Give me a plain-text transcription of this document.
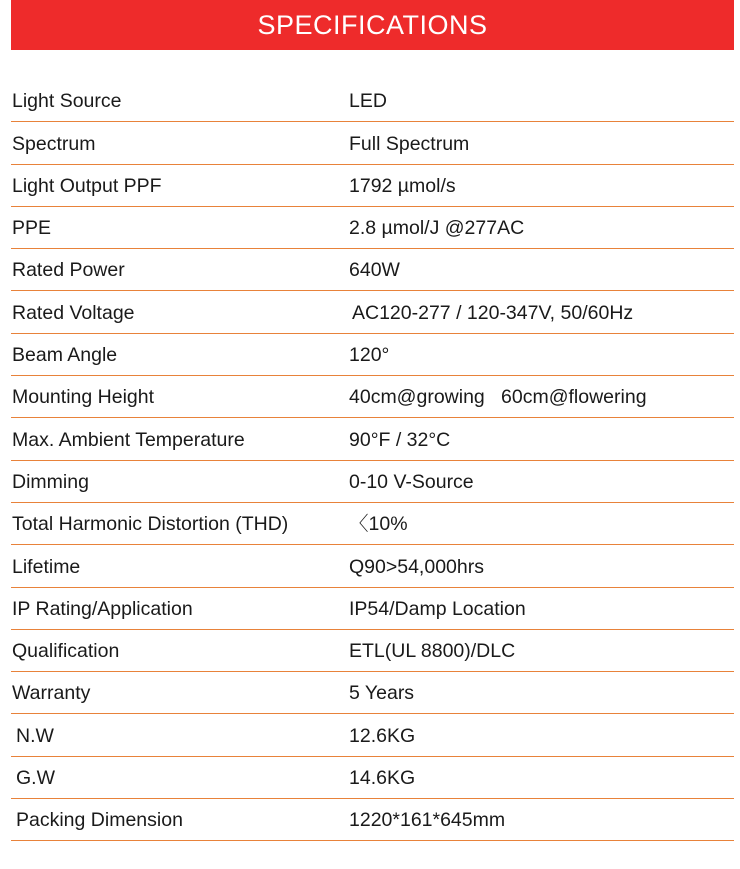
SPECIFICATIONS
Light Source	LED
Spectrum	Full Spectrum
Light Output PPF	1792 µmol/s
PPE	2.8 µmol/J @277AC
Rated Power	640W
Rated Voltage	AC120-277 / 120-347V, 50/60Hz
Beam Angle	120°
Mounting Height	40cm@growing   60cm@flowering
Max. Ambient Temperature	90°F / 32°C
Dimming	0-10 V-Source
Total Harmonic Distortion (THD)	〈10%
Lifetime	Q90>54,000hrs
IP Rating/Application	IP54/Damp Location
Qualification	ETL(UL 8800)/DLC
Warranty	5 Years
N.W	12.6KG
G.W	14.6KG
Packing Dimension	1220*161*645mm
